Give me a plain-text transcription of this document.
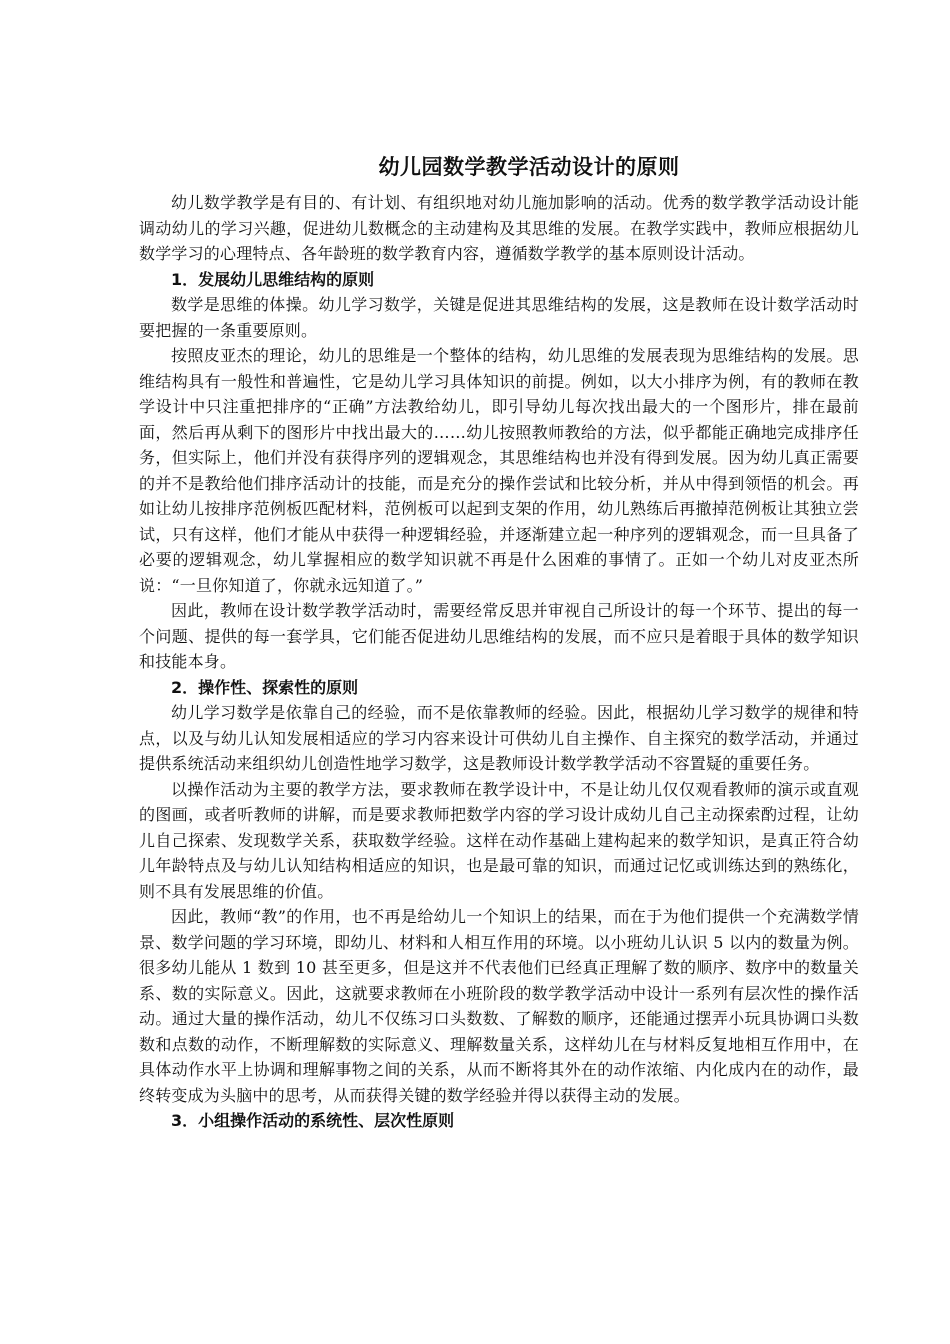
幼儿园数学教学活动设计的原则

幼儿数学教学是有目的、有计划、有组织地对幼儿施加影响的活动。优秀的数学教学活动设计能调动幼儿的学习兴趣，促进幼儿数概念的主动建构及其思维的发展。在教学实践中，教师应根据幼儿数学学习的心理特点、各年龄班的数学教育内容，遵循数学教学的基本原则设计活动。

1．发展幼儿思维结构的原则

数学是思维的体操。幼儿学习数学，关键是促进其思维结构的发展，这是教师在设计数学活动时要把握的一条重要原则。

按照皮亚杰的理论，幼儿的思维是一个整体的结构，幼儿思维的发展表现为思维结构的发展。思维结构具有一般性和普遍性，它是幼儿学习具体知识的前提。例如，以大小排序为例，有的教师在教学设计中只注重把排序的“正确”方法教给幼儿，即引导幼儿每次找出最大的一个图形片，排在最前面，然后再从剩下的图形片中找出最大的……幼儿按照教师教给的方法，似乎都能正确地完成排序任务，但实际上，他们并没有获得序列的逻辑观念，其思维结构也并没有得到发展。因为幼儿真正需要的并不是教给他们排序活动计的技能，而是充分的操作尝试和比较分析，并从中得到领悟的机会。再如让幼儿按排序范例板匹配材料，范例板可以起到支架的作用，幼儿熟练后再撤掉范例板让其独立尝试，只有这样，他们才能从中获得一种逻辑经验，并逐渐建立起一种序列的逻辑观念，而一旦具备了必要的逻辑观念，幼儿掌握相应的数学知识就不再是什么困难的事情了。正如一个幼儿对皮亚杰所说：“一旦你知道了，你就永远知道了。”

因此，教师在设计数学教学活动时，需要经常反思并审视自己所设计的每一个环节、提出的每一个问题、提供的每一套学具，它们能否促进幼儿思维结构的发展，而不应只是着眼于具体的数学知识和技能本身。

2．操作性、探索性的原则

幼儿学习数学是依靠自己的经验，而不是依靠教师的经验。因此，根据幼儿学习数学的规律和特点，以及与幼儿认知发展相适应的学习内容来设计可供幼儿自主操作、自主探究的数学活动，并通过提供系统活动来组织幼儿创造性地学习数学，这是教师设计数学教学活动不容置疑的重要任务。

以操作活动为主要的教学方法，要求教师在教学设计中，不是让幼儿仅仅观看教师的演示或直观的图画，或者听教师的讲解，而是要求教师把数学内容的学习设计成幼儿自己主动探索酌过程，让幼儿自己探索、发现数学关系，获取数学经验。这样在动作基础上建构起来的数学知识，是真正符合幼儿年龄特点及与幼儿认知结构相适应的知识，也是最可靠的知识，而通过记忆或训练达到的熟练化，则不具有发展思维的价值。

因此，教师“教”的作用，也不再是给幼儿一个知识上的结果，而在于为他们提供一个充满数学情景、数学问题的学习环境，即幼儿、材料和人相互作用的环境。以小班幼儿认识 5 以内的数量为例。很多幼儿能从 1 数到 10 甚至更多，但是这并不代表他们已经真正理解了数的顺序、数序中的数量关系、数的实际意义。因此，这就要求教师在小班阶段的数学教学活动中设计一系列有层次性的操作活动。通过大量的操作活动，幼儿不仅练习口头数数、了解数的顺序，还能通过摆弄小玩具协调口头数数和点数的动作，不断理解数的实际意义、理解数量关系，这样幼儿在与材料反复地相互作用中，在具体动作水平上协调和理解事物之间的关系，从而不断将其外在的动作浓缩、内化成内在的动作，最终转变成为头脑中的思考，从而获得关键的数学经验并得以获得主动的发展。

3．小组操作活动的系统性、层次性原则
